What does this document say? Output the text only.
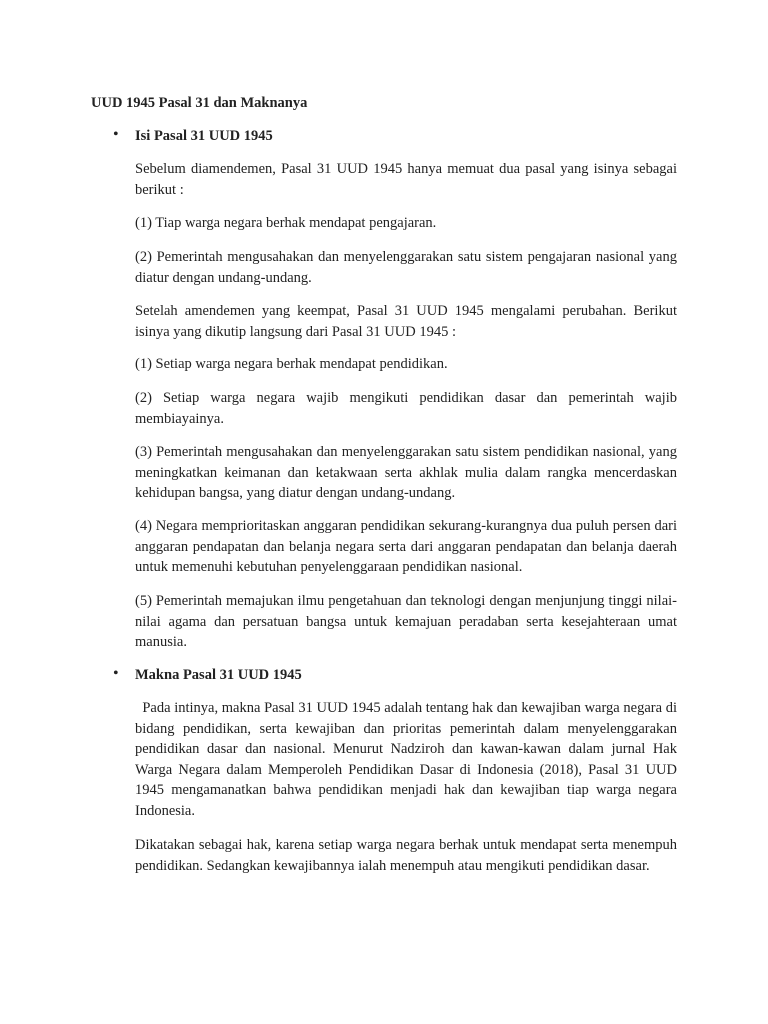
UUD 1945 Pasal 31 dan Maknanya
• Isi Pasal 31 UUD 1945

Sebelum diamendemen, Pasal 31 UUD 1945 hanya memuat dua pasal yang isinya sebagai berikut :

(1) Tiap warga negara berhak mendapat pengajaran.

(2) Pemerintah mengusahakan dan menyelenggarakan satu sistem pengajaran nasional yang diatur dengan undang-undang.

Setelah amendemen yang keempat, Pasal 31 UUD 1945 mengalami perubahan. Berikut isinya yang dikutip langsung dari Pasal 31 UUD 1945 :

(1) Setiap warga negara berhak mendapat pendidikan.

(2) Setiap warga negara wajib mengikuti pendidikan dasar dan pemerintah wajib membiayainya.

(3) Pemerintah mengusahakan dan menyelenggarakan satu sistem pendidikan nasional, yang meningkatkan keimanan dan ketakwaan serta akhlak mulia dalam rangka mencerdaskan kehidupan bangsa, yang diatur dengan undang-undang.

(4) Negara memprioritaskan anggaran pendidikan sekurang-kurangnya dua puluh persen dari anggaran pendapatan dan belanja negara serta dari anggaran pendapatan dan belanja daerah untuk memenuhi kebutuhan penyelenggaraan pendidikan nasional.

(5) Pemerintah memajukan ilmu pengetahuan dan teknologi dengan menjunjung tinggi nilai-nilai agama dan persatuan bangsa untuk kemajuan peradaban serta kesejahteraan umat manusia.

• Makna Pasal 31 UUD 1945

Pada intinya, makna Pasal 31 UUD 1945 adalah tentang hak dan kewajiban warga negara di bidang pendidikan, serta kewajiban dan prioritas pemerintah dalam menyelenggarakan pendidikan dasar dan nasional. Menurut Nadziroh dan kawan-kawan dalam jurnal Hak Warga Negara dalam Memperoleh Pendidikan Dasar di Indonesia (2018), Pasal 31 UUD 1945 mengamanatkan bahwa pendidikan menjadi hak dan kewajiban tiap warga negara Indonesia.

Dikatakan sebagai hak, karena setiap warga negara berhak untuk mendapat serta menempuh pendidikan. Sedangkan kewajibannya ialah menempuh atau mengikuti pendidikan dasar.
